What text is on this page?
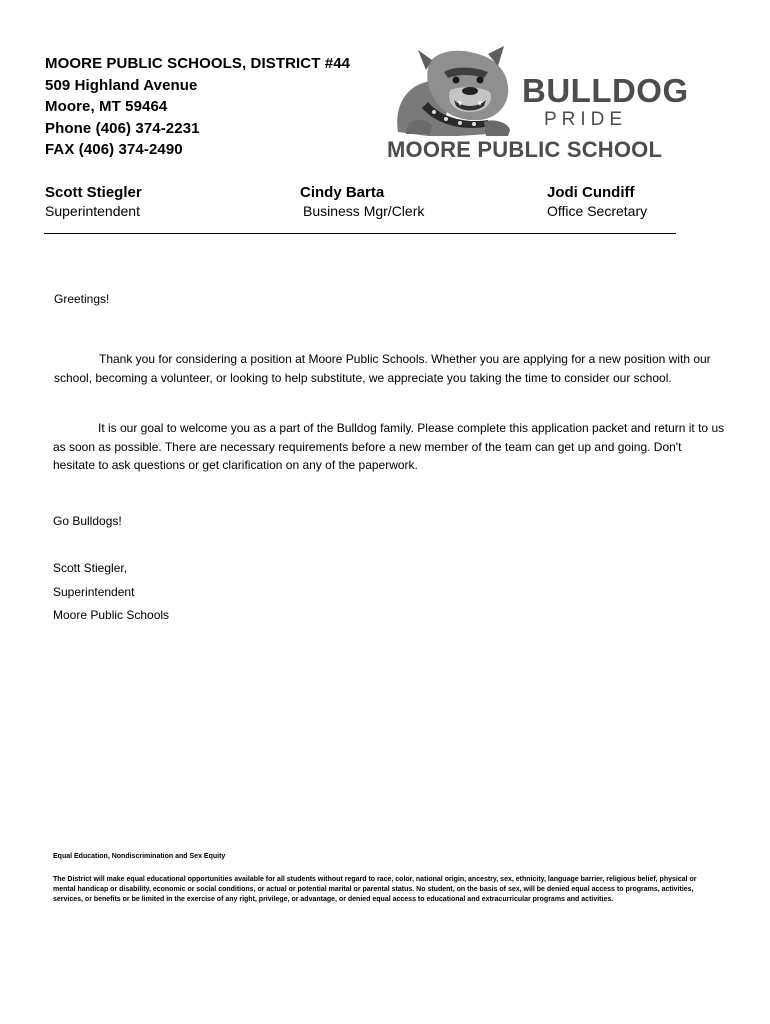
MOORE PUBLIC SCHOOLS, DISTRICT #44
509 Highland Avenue
Moore, MT 59464
Phone (406) 374-2231
FAX (406) 374-2490
BULLDOG
PRIDE
MOORE PUBLIC SCHOOL
Scott Stiegler
Superintendent
Cindy Barta
Business Mgr/Clerk
Jodi Cundiff
Office Secretary
Greetings!
Thank you for considering a position at Moore Public Schools. Whether you are applying for a new position with our school, becoming a volunteer, or looking to help substitute, we appreciate you taking the time to consider our school.
It is our goal to welcome you as a part of the Bulldog family. Please complete this application packet and return it to us as soon as possible. There are necessary requirements before a new member of the team can get up and going. Don't hesitate to ask questions or get clarification on any of the paperwork.
Go Bulldogs!
Scott Stiegler,
Superintendent
Moore Public Schools
Equal Education, Nondiscrimination and Sex Equity
The District will make equal educational opportunities available for all students without regard to race, color, national origin, ancestry, sex, ethnicity, language barrier, religious belief, physical or mental handicap or disability, economic or social conditions, or actual or potential marital or parental status. No student, on the basis of sex, will be denied equal access to programs, activities, services, or benefits or be limited in the exercise of any right, privilege, or advantage, or denied equal access to educational and extracurricular programs and activities.
